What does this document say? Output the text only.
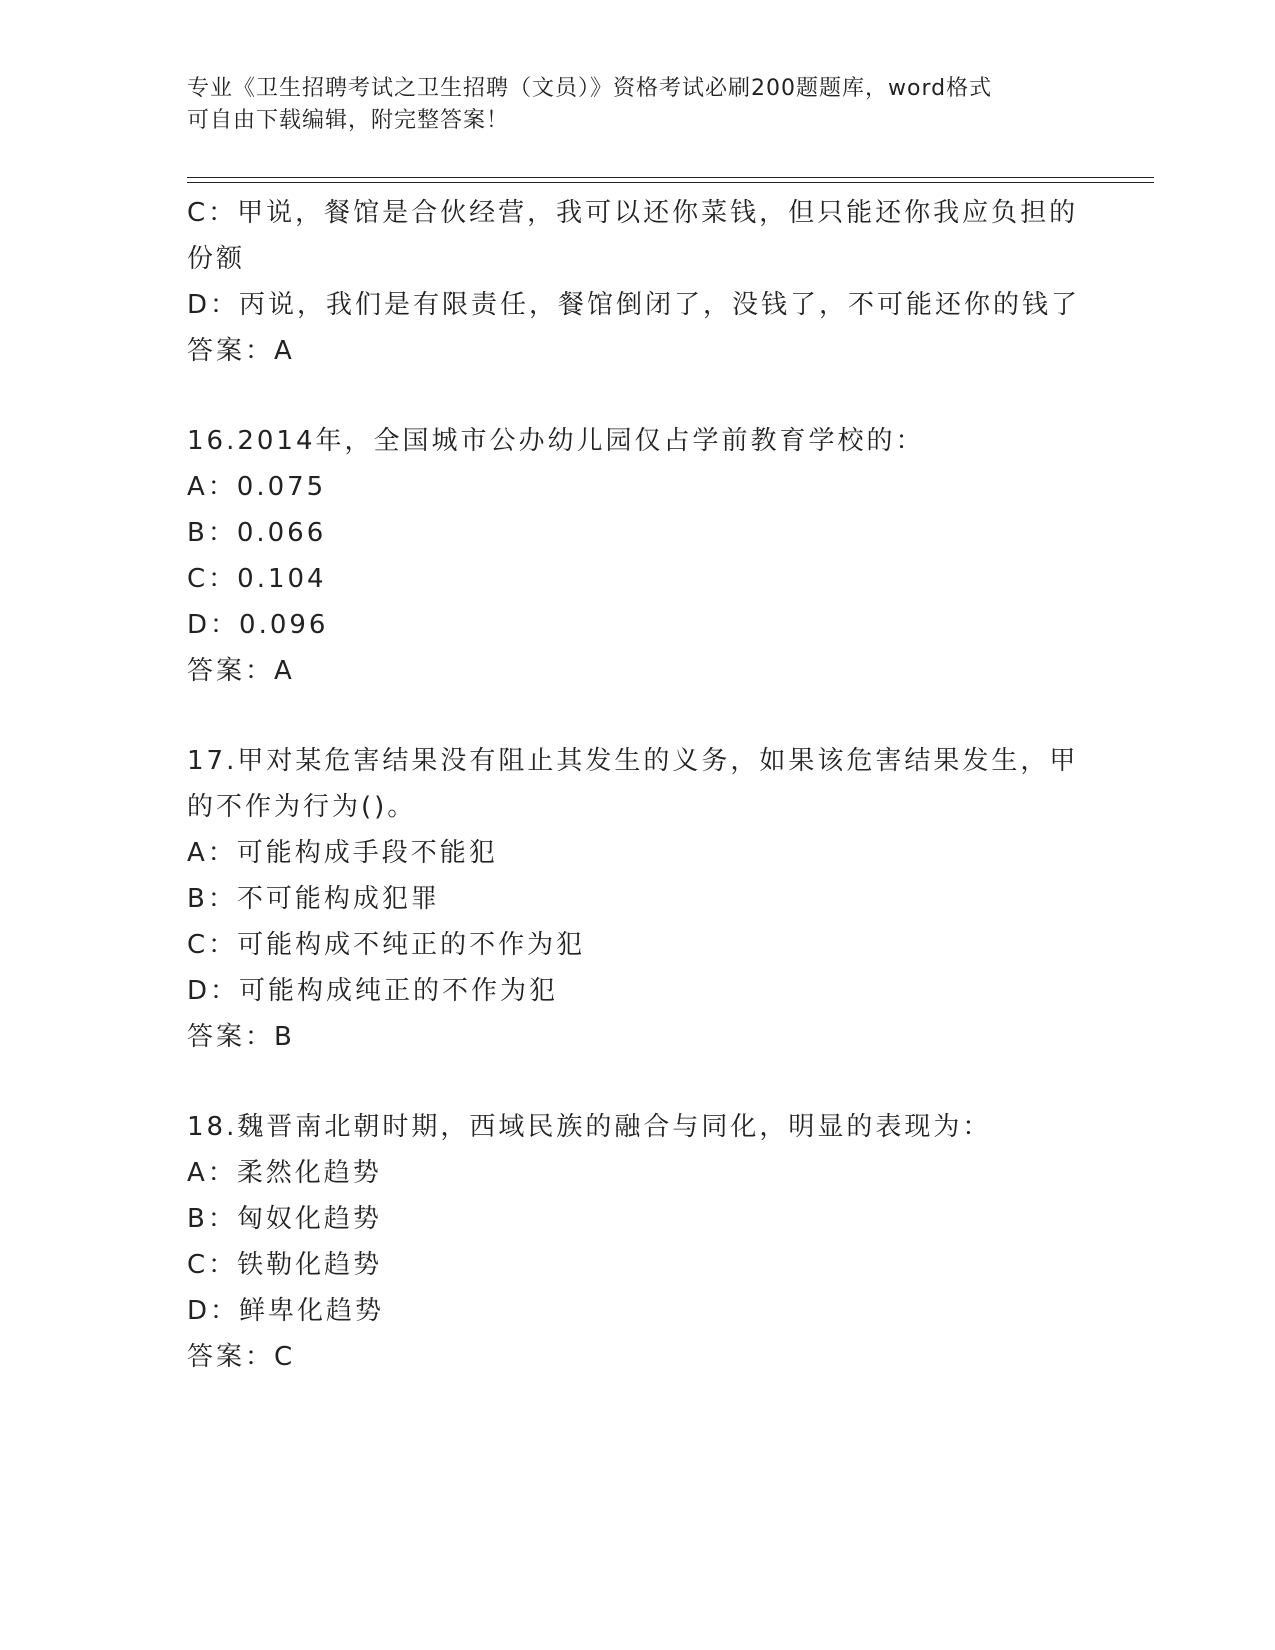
专业《卫生招聘考试之卫生招聘（文员）》资格考试必刷200题题库，word格式
可自由下载编辑，附完整答案！
C：甲说，餐馆是合伙经营，我可以还你菜钱，但只能还你我应负担的
份额
D：丙说，我们是有限责任，餐馆倒闭了，没钱了，不可能还你的钱了
答案：A
16.2014年，全国城市公办幼儿园仅占学前教育学校的：
A：0.075
B：0.066
C：0.104
D：0.096
答案：A
17.甲对某危害结果没有阻止其发生的义务，如果该危害结果发生，甲
的不作为行为()。
A：可能构成手段不能犯
B：不可能构成犯罪
C：可能构成不纯正的不作为犯
D：可能构成纯正的不作为犯
答案：B
18.魏晋南北朝时期，西域民族的融合与同化，明显的表现为：
A：柔然化趋势
B：匈奴化趋势
C：铁勒化趋势
D：鲜卑化趋势
答案：C
